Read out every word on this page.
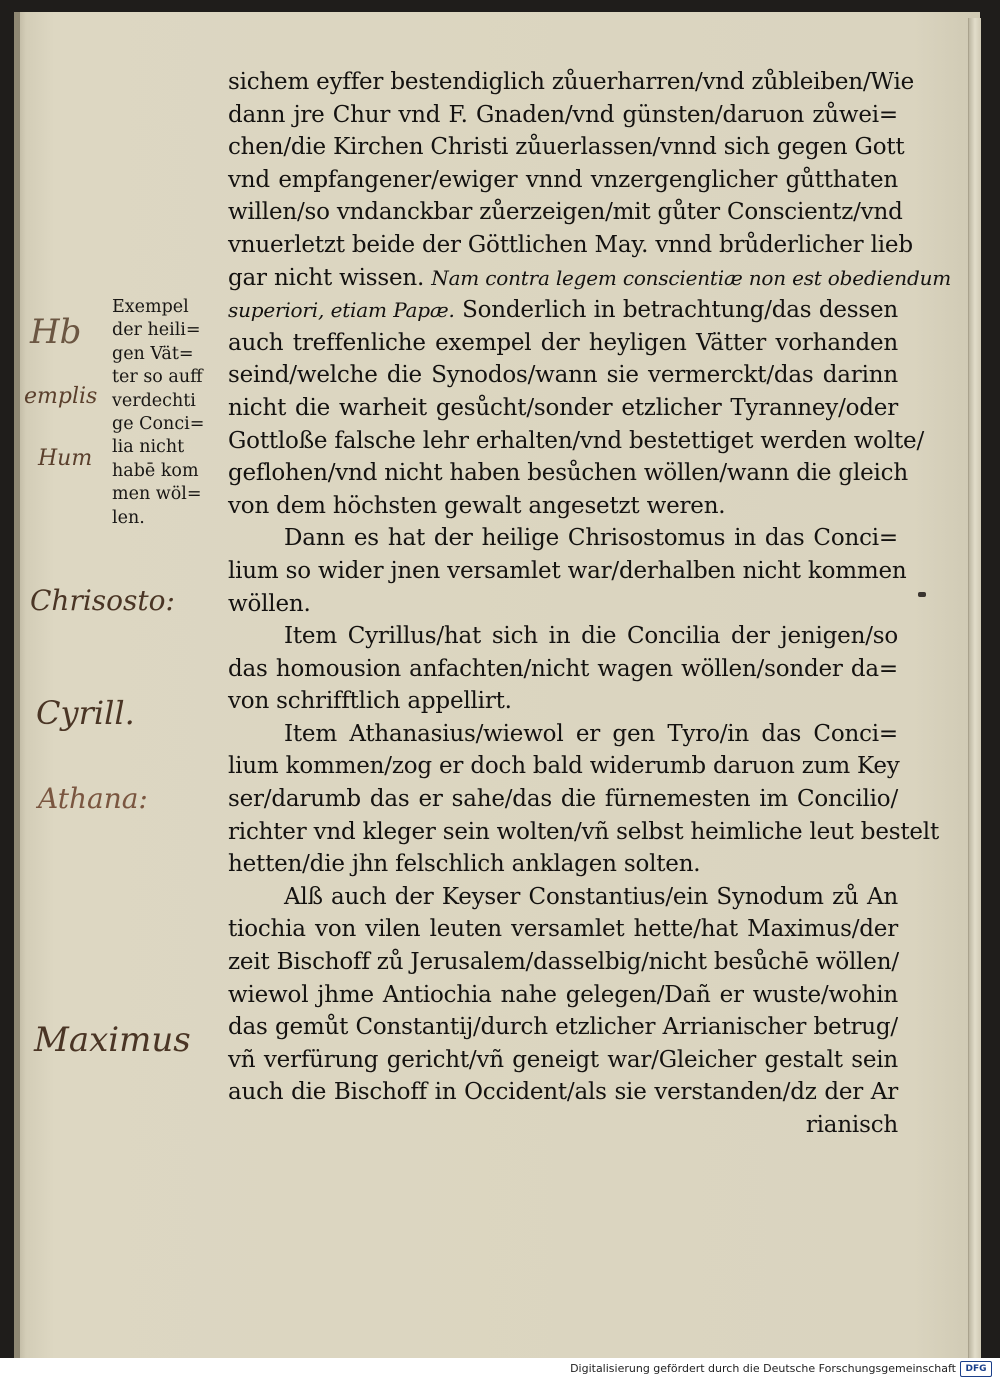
sichem eyffer bestendiglich zůuerharren/vnd zůbleiben/Wie
dann jre Chur vnd F. Gnaden/vnd günsten/daruon zůwei=
chen/die Kirchen Christi zůuerlassen/vnnd sich gegen Gott
vnd empfangener/ewiger vnnd vnzergenglicher gůtthaten
willen/so vndanckbar zůerzeigen/mit gůter Conscientz/vnd
vnuerletzt beide der Göttlichen May. vnnd brůderlicher lieb
gar nicht wissen. Nam contra legem conscientiæ non est obediendum
superiori, etiam Papæ. Sonderlich in betrachtung/das dessen
auch treffenliche exempel der heyligen Vätter vorhanden
seind/welche die Synodos/wann sie vermerckt/das darinn
nicht die warheit gesůcht/sonder etzlicher Tyranney/oder
Gottloße falsche lehr erhalten/vnd bestettiget werden wolte/
geflohen/vnd nicht haben besůchen wöllen/wann die gleich
von dem höchsten gewalt angesetzt weren.
Dann es hat der heilige Chrisostomus in das Conci=
lium so wider jnen versamlet war/derhalben nicht kommen
wöllen.
Item Cyrillus/hat sich in die Concilia der jenigen/so
das homousion anfachten/nicht wagen wöllen/sonder da=
von schrifftlich appellirt.
Item Athanasius/wiewol er gen Tyro/in das Conci=
lium kommen/zog er doch bald widerumb daruon zum Key
ser/darumb das er sahe/das die fürnemesten im Concilio/
richter vnd kleger sein wolten/vñ selbst heimliche leut bestelt
hetten/die jhn felschlich anklagen solten.
Alß auch der Keyser Constantius/ein Synodum zů An
tiochia von vilen leuten versamlet hette/hat Maximus/der
zeit Bischoff zů Jerusalem/dasselbig/nicht besůchē wöllen/
wiewol jhme Antiochia nahe gelegen/Dañ er wuste/wohin
das gemůt Constantij/durch etzlicher Arrianischer betrug/
vñ verfürung gericht/vñ geneigt war/Gleicher gestalt sein
auch die Bischoff in Occident/als sie verstanden/dz der Ar
rianisch
Exempel
der heili=
gen Vät=
ter so auff
verdechti
ge Conci=
lia nicht
habē kom
men wöl=
len.
Hb
emplis
Hum
Chrisosto:
Cyrill.
Athana:
Maximus
Digitalisierung gefördert durch die Deutsche Forschungsgemeinschaft	DFG
